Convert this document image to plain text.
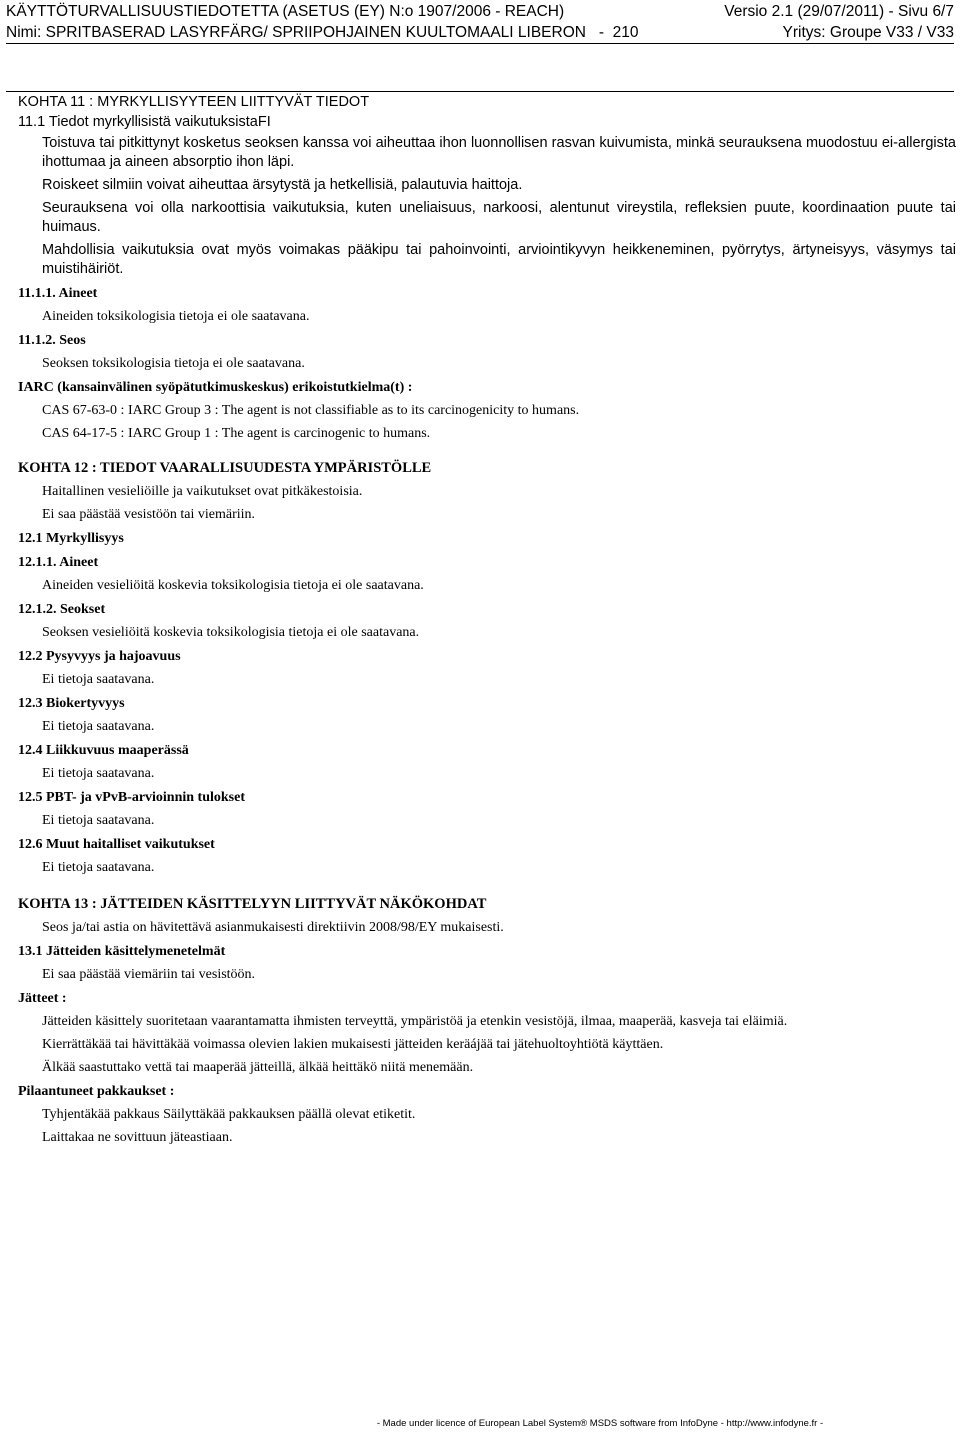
KÄYTTÖTURVALLISUUSTIEDOTETTA (ASETUS (EY) N:o 1907/2006 - REACH)	Versio 2.1 (29/07/2011) - Sivu 6/7
Nimi: SPRITBASERAD LASYRFÄRG/ SPRIIPOHJAINEN KUULTOMAALI LIBERON   -  210	Yritys: Groupe V33 / V33
KOHTA 11 : MYRKYLLISYYTEEN LIITTYVÄT TIEDOT
11.1 Tiedot myrkyllisistä vaikutuksistaFI

Toistuva tai pitkittynyt kosketus seoksen kanssa voi aiheuttaa ihon luonnollisen rasvan kuivumista, minkä seurauksena muodostuu ei-allergista ihottumaa ja aineen absorptio ihon läpi.

Roiskeet silmiin voivat aiheuttaa ärsytystä ja hetkellisiä, palautuvia haittoja.

Seurauksena voi olla narkoottisia vaikutuksia, kuten uneliaisuus, narkoosi, alentunut vireystila, refleksien puute, koordinaation puute tai huimaus.

Mahdollisia vaikutuksia ovat myös voimakas pääkipu tai pahoinvointi, arviointikyvyn heikkeneminen, pyörrytys, ärtyneisyys, väsymys tai muistihäiriöt.

11.1.1. Aineet
Aineiden toksikologisia tietoja ei ole saatavana.
11.1.2. Seos
Seoksen toksikologisia tietoja ei ole saatavana.
IARC (kansainvälinen syöpätutkimuskeskus) erikoistutkielma(t) :
CAS 67-63-0 : IARC Group 3 : The agent is not classifiable as to its carcinogenicity to humans.
CAS 64-17-5 : IARC Group 1 : The agent is carcinogenic to humans.
KOHTA 12 : TIEDOT VAARALLISUUDESTA YMPÄRISTÖLLE
Haitallinen vesieliöille ja vaikutukset ovat pitkäkestoisia.
Ei saa päästää vesistöön tai viemäriin.
12.1 Myrkyllisyys
12.1.1. Aineet
Aineiden vesieliöitä koskevia toksikologisia tietoja ei ole saatavana.
12.1.2. Seokset
Seoksen vesieliöitä koskevia toksikologisia tietoja ei ole saatavana.
12.2 Pysyvyys ja hajoavuus
Ei tietoja saatavana.
12.3 Biokertyvyys
Ei tietoja saatavana.
12.4 Liikkuvuus maaperässä
Ei tietoja saatavana.
12.5 PBT- ja vPvB-arvioinnin tulokset
Ei tietoja saatavana.
12.6 Muut haitalliset vaikutukset
Ei tietoja saatavana.
KOHTA 13 : JÄTTEIDEN KÄSITTELYYN LIITTYVÄT NÄKÖKOHDAT
Seos ja/tai astia on hävitettävä asianmukaisesti direktiivin 2008/98/EY mukaisesti.
13.1 Jätteiden käsittelymenetelmät
Ei saa päästää viemäriin tai vesistöön.
Jätteet :
Jätteiden käsittely suoritetaan vaarantamatta ihmisten terveyttä, ympäristöä ja etenkin vesistöjä, ilmaa, maaperää, kasveja tai eläimiä.
Kierrättäkää tai hävittäkää voimassa olevien lakien mukaisesti jätteiden keräájää tai jätehuoltoyhtiötä käyttäen.
Älkää saastuttako vettä tai maaperää jätteillä, älkää heittäkö niitä menemään.
Pilaantuneet pakkaukset :
Tyhjentäkää pakkaus Säilyttäkää pakkauksen päällä olevat etiketit.
Laittakaa ne sovittuun jäteastiaan.
- Made under licence of European Label System® MSDS software from InfoDyne - http://www.infodyne.fr -
